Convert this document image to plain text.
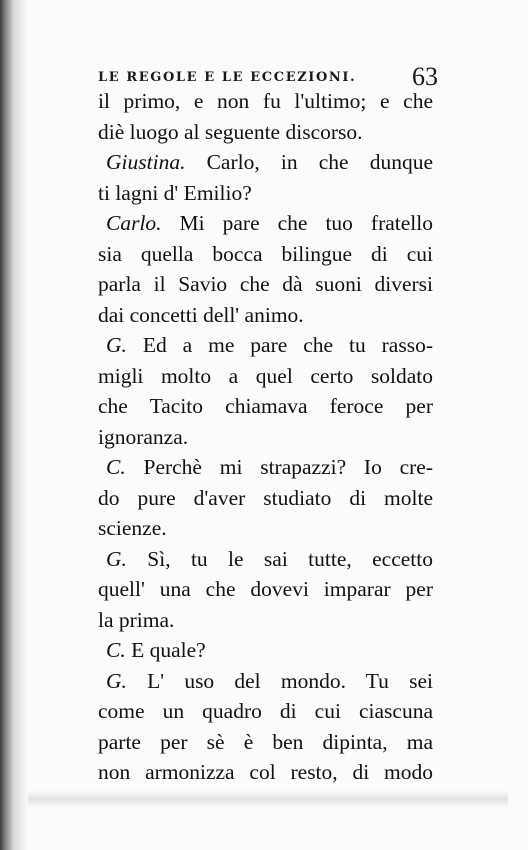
LE REGOLE E LE ECCEZIONI. 63
il primo, e non fu l'ultimo; e che
diè luogo al seguente discorso.
Giustina. Carlo, in che dunque
ti lagni d' Emilio?
Carlo. Mi pare che tuo fratello
sia quella bocca bilingue di cui
parla il Savio che dà suoni diversi
dai concetti dell' animo.
G. Ed a me pare che tu rasso-
migli molto a quel certo soldato
che Tacito chiamava feroce per
ignoranza.
C. Perchè mi strapazzi? Io cre-
do pure d'aver studiato di molte
scienze.
G. Sì, tu le sai tutte, eccetto
quell' una che dovevi imparar per
la prima.
C. E quale?
G. L' uso del mondo. Tu sei
come un quadro di cui ciascuna
parte per sè è ben dipinta, ma
non armonizza col resto, di modo
